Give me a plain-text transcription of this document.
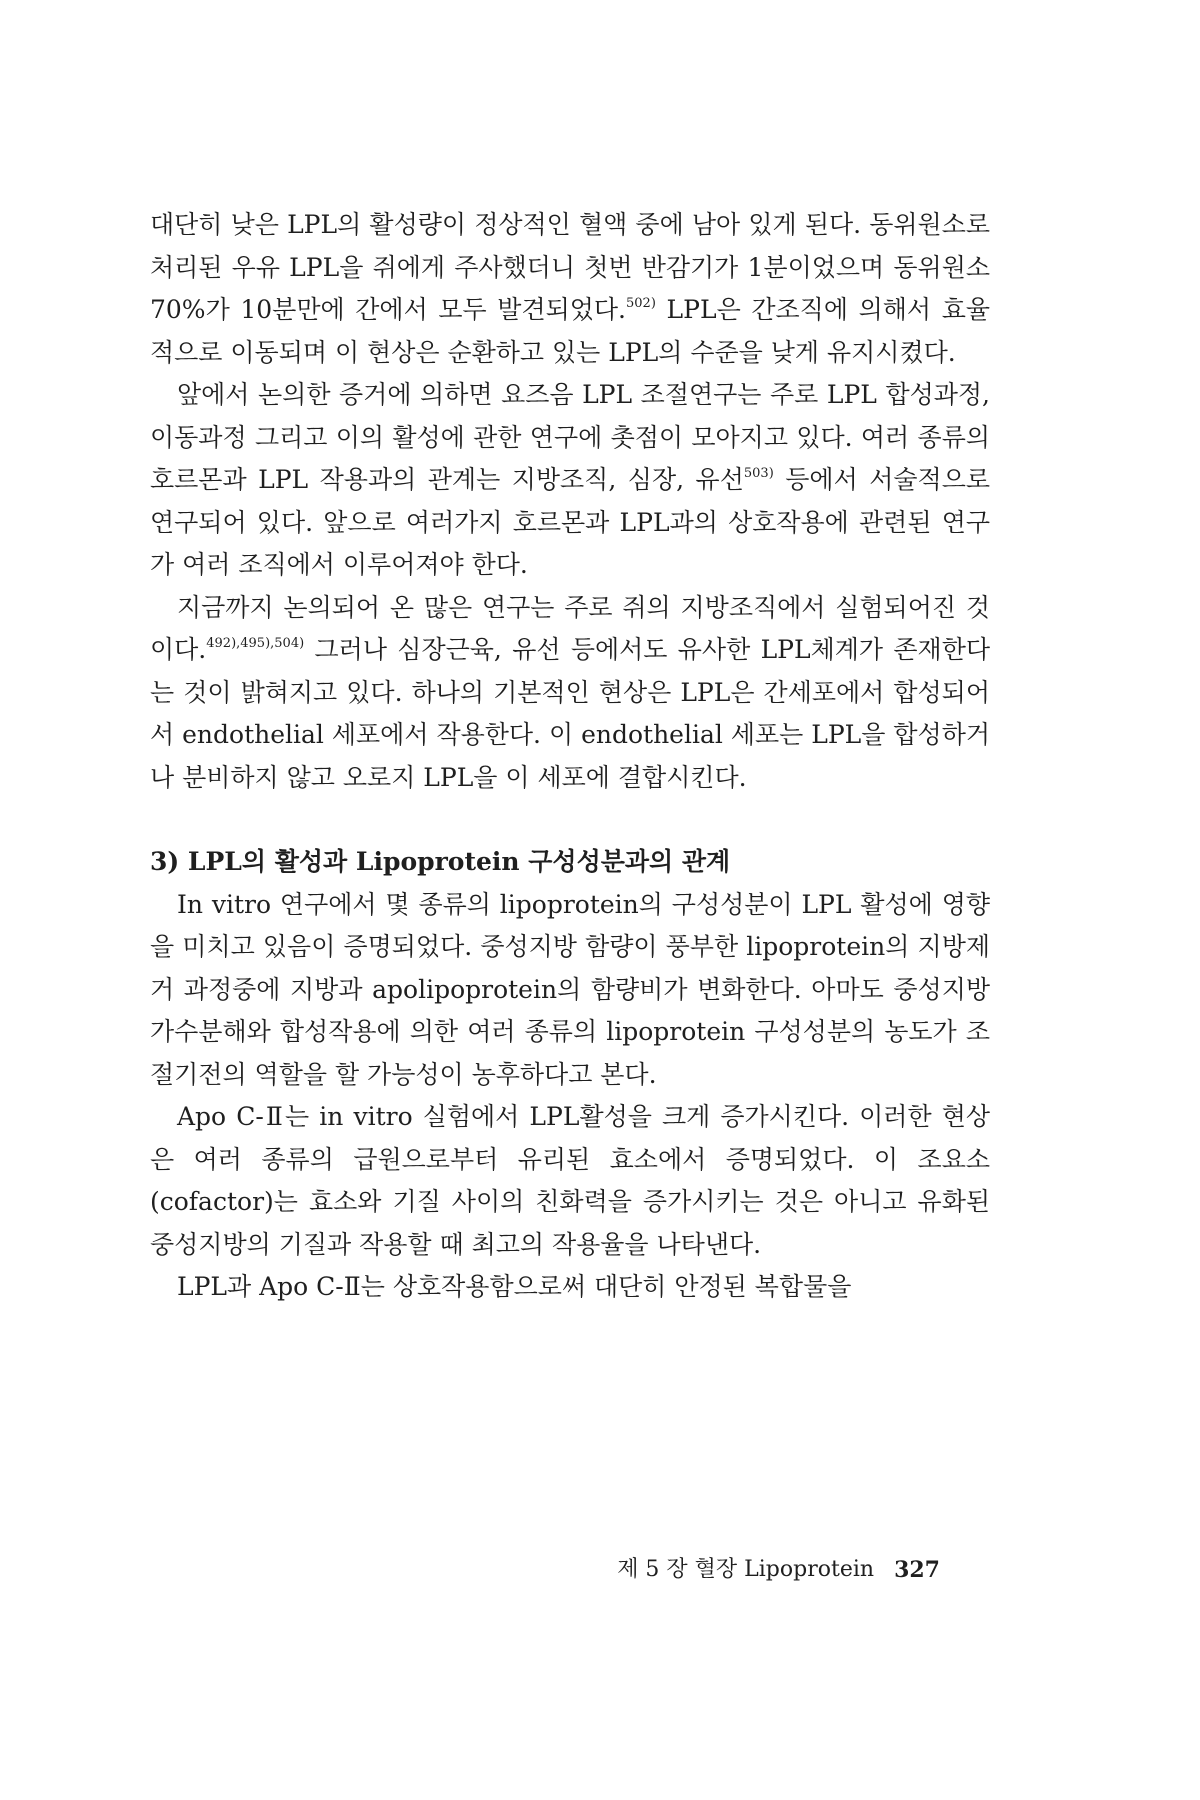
대단히 낮은 LPL의 활성량이 정상적인 혈액 중에 남아 있게 된다. 동위원소로 처리된 우유 LPL을 쥐에게 주사했더니 첫번 반감기가 1분이었으며 동위원소 70%가 10분만에 간에서 모두 발견되었다.$^{502)}$ LPL은 간조직에 의해서 효율적으로 이동되며 이 현상은 순환하고 있는 LPL의 수준을 낮게 유지시켰다.

앞에서 논의한 증거에 의하면 요즈음 LPL 조절연구는 주로 LPL 합성과정, 이동과정 그리고 이의 활성에 관한 연구에 촛점이 모아지고 있다. 여러 종류의 호르몬과 LPL 작용과의 관계는 지방조직, 심장, 유선$^{503)}$ 등에서 서술적으로 연구되어 있다. 앞으로 여러가지 호르몬과 LPL과의 상호작용에 관련된 연구가 여러 조직에서 이루어져야 한다.

지금까지 논의되어 온 많은 연구는 주로 쥐의 지방조직에서 실험되어진 것이다.$^{492),495),504)}$ 그러나 심장근육, 유선 등에서도 유사한 LPL체계가 존재한다는 것이 밝혀지고 있다. 하나의 기본적인 현상은 LPL은 간세포에서 합성되어서 endothelial 세포에서 작용한다. 이 endothelial 세포는 LPL을 합성하거나 분비하지 않고 오로지 LPL을 이 세포에 결합시킨다.

3) LPL의 활성과 Lipoprotein 구성성분과의 관계

In vitro 연구에서 몇 종류의 lipoprotein의 구성성분이 LPL 활성에 영향을 미치고 있음이 증명되었다. 중성지방 함량이 풍부한 lipoprotein의 지방제거 과정중에 지방과 apolipoprotein의 함량비가 변화한다. 아마도 중성지방 가수분해와 합성작용에 의한 여러 종류의 lipoprotein 구성성분의 농도가 조절기전의 역할을 할 가능성이 농후하다고 본다.

Apo C-Ⅱ는 in vitro 실험에서 LPL활성을 크게 증가시킨다. 이러한 현상은 여러 종류의 급원으로부터 유리된 효소에서 증명되었다. 이 조요소(cofactor)는 효소와 기질 사이의 친화력을 증가시키는 것은 아니고 유화된 중성지방의 기질과 작용할 때 최고의 작용율을 나타낸다.

LPL과 Apo C-Ⅱ는 상호작용함으로써 대단히 안정된 복합물을

제 5 장 혈장 Lipoprotein 327
